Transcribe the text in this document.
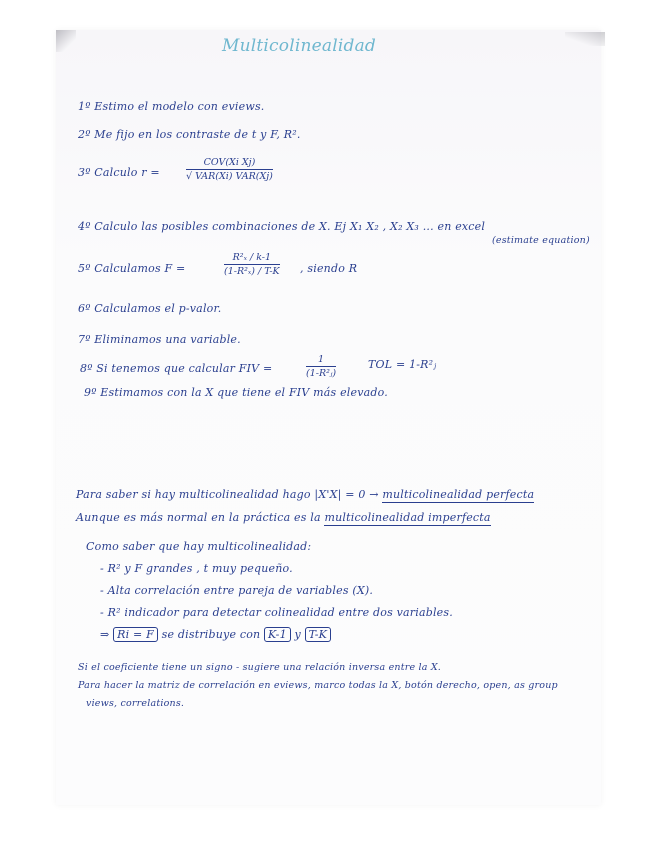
Multicolinealidad
1º Estimo el modelo con eviews.
2º Me fijo en los contraste de t y F, R².
3º Calculo r =
COV(Xi Xj)
√ VAR(Xi) VAR(Xj)
4º Calculo las posibles combinaciones de X. Ej X₁ X₂ , X₂ X₃ ... en excel
(estimate equation)
5º Calculamos F =	$\frac{\text{R²ₓ / k-1}}{\text{(1-R²ₓ) / T-K}}$ , siendo R
6º Calculamos el p-valor.
7º Eliminamos una variable.
8º Si tenemos que calcular FIV =	$\frac{1}{\text{(1-R²ⱼ)}}$	TOL = 1-R²ⱼ
9º Estimamos con la X que tiene el FIV más elevado.
Para saber si hay multicolinealidad hago |X'X| = 0 → multicolinealidad perfecta
Aunque es más normal en la práctica es la multicolinealidad imperfecta
Como saber que hay multicolinealidad:
- R² y F grandes , t muy pequeño.
- Alta correlación entre pareja de variables (X).
- R² indicador para detectar colinealidad entre dos variables.
⇒ Ri = F se distribuye con K-1 y T-K
Si el coeficiente tiene un signo - sugiere una relación inversa entre la X.
Para hacer la matriz de correlación en eviews, marco todas la X, botón derecho, open, as group
views, correlations.
